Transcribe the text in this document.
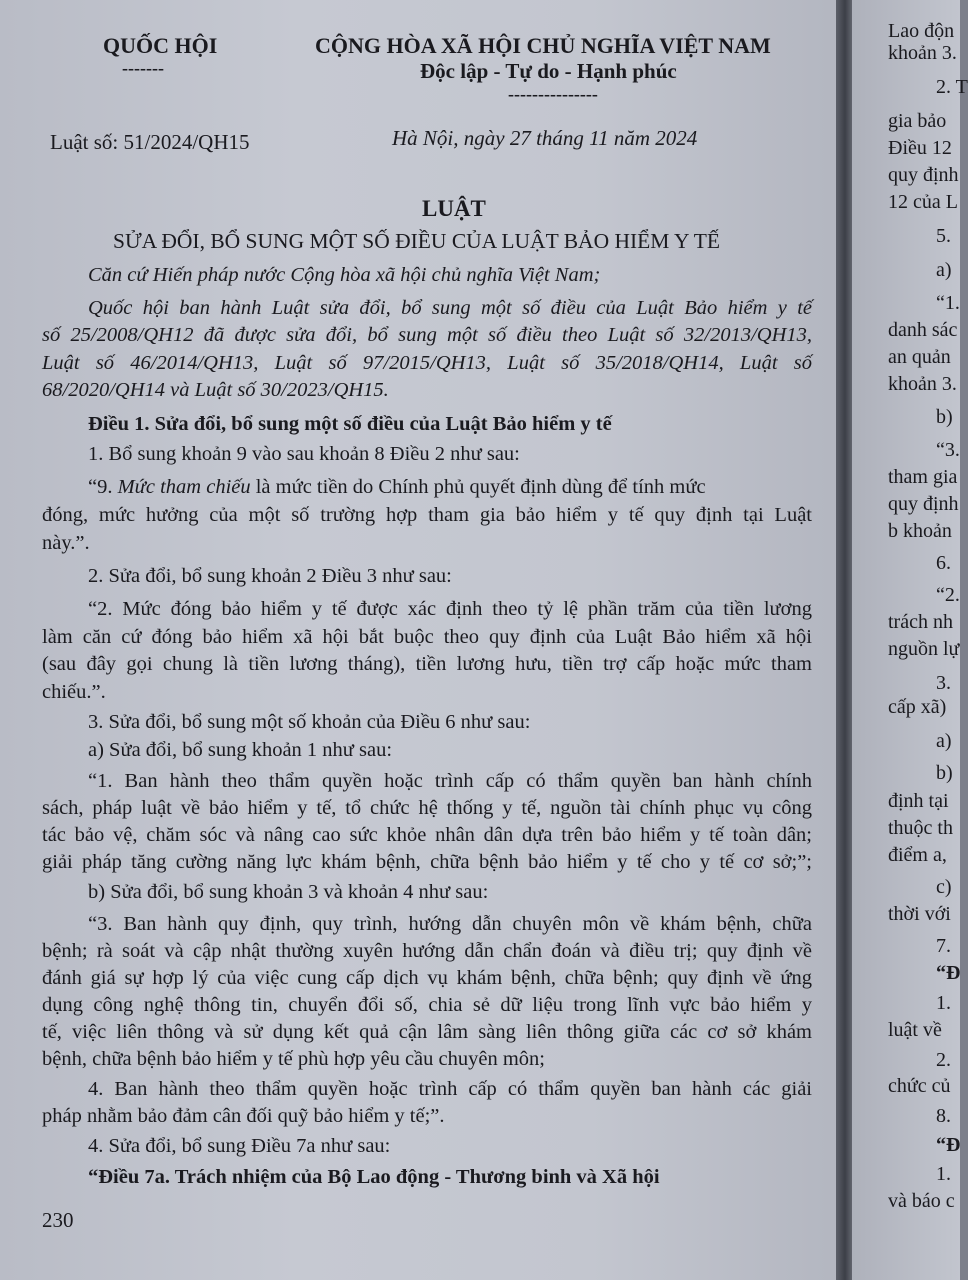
QUỐC HỘI
-------
CỘNG HÒA XÃ HỘI CHỦ NGHĨA VIỆT NAM
Độc lập - Tự do - Hạnh phúc
---------------
Luật số: 51/2024/QH15	Hà Nội, ngày 27 tháng 11 năm 2024
LUẬT
SỬA ĐỔI, BỔ SUNG MỘT SỐ ĐIỀU CỦA LUẬT BẢO HIỂM Y TẾ
Căn cứ Hiến pháp nước Cộng hòa xã hội chủ nghĩa Việt Nam;
Quốc hội ban hành Luật sửa đổi, bổ sung một số điều của Luật Bảo hiểm y tế
số 25/2008/QH12 đã được sửa đổi, bổ sung một số điều theo Luật số 32/2013/QH13,
Luật số 46/2014/QH13, Luật số 97/2015/QH13, Luật số 35/2018/QH14, Luật số
68/2020/QH14 và Luật số 30/2023/QH15.
Điều 1. Sửa đổi, bổ sung một số điều của Luật Bảo hiểm y tế
1. Bổ sung khoản 9 vào sau khoản 8 Điều 2 như sau:
“9. Mức tham chiếu là mức tiền do Chính phủ quyết định dùng để tính mức
đóng, mức hưởng của một số trường hợp tham gia bảo hiểm y tế quy định tại Luật
này.”.
2. Sửa đổi, bổ sung khoản 2 Điều 3 như sau:
“2. Mức đóng bảo hiểm y tế được xác định theo tỷ lệ phần trăm của tiền lương
làm căn cứ đóng bảo hiểm xã hội bắt buộc theo quy định của Luật Bảo hiểm xã hội
(sau đây gọi chung là tiền lương tháng), tiền lương hưu, tiền trợ cấp hoặc mức tham
chiếu.”.
3. Sửa đổi, bổ sung một số khoản của Điều 6 như sau:
a) Sửa đổi, bổ sung khoản 1 như sau:
“1. Ban hành theo thẩm quyền hoặc trình cấp có thẩm quyền ban hành chính
sách, pháp luật về bảo hiểm y tế, tổ chức hệ thống y tế, nguồn tài chính phục vụ công
tác bảo vệ, chăm sóc và nâng cao sức khỏe nhân dân dựa trên bảo hiểm y tế toàn dân;
giải pháp tăng cường năng lực khám bệnh, chữa bệnh bảo hiểm y tế cho y tế cơ sở;”;
b) Sửa đổi, bổ sung khoản 3 và khoản 4 như sau:
“3. Ban hành quy định, quy trình, hướng dẫn chuyên môn về khám bệnh, chữa
bệnh; rà soát và cập nhật thường xuyên hướng dẫn chẩn đoán và điều trị; quy định về
đánh giá sự hợp lý của việc cung cấp dịch vụ khám bệnh, chữa bệnh; quy định về ứng
dụng công nghệ thông tin, chuyển đổi số, chia sẻ dữ liệu trong lĩnh vực bảo hiểm y
tế, việc liên thông và sử dụng kết quả cận lâm sàng liên thông giữa các cơ sở khám
bệnh, chữa bệnh bảo hiểm y tế phù hợp yêu cầu chuyên môn;
4. Ban hành theo thẩm quyền hoặc trình cấp có thẩm quyền ban hành các giải
pháp nhằm bảo đảm cân đối quỹ bảo hiểm y tế;”.
4. Sửa đổi, bổ sung Điều 7a như sau:
“Điều 7a. Trách nhiệm của Bộ Lao động - Thương binh và Xã hội
230
Lao độn
khoản 3.
2. T
gia bảo
Điều 12
quy định
12 của L
5.
a)
“1.
danh sác
an quản
khoản 3.
b)
“3.
tham gia
quy định
b khoản
6.
“2.
trách nh
nguồn lự
3.
cấp xã)
a)
b)
định tại
thuộc th
điểm a,
c)
thời với
7.
“Đ
1.
luật về
2.
chức củ
8.
“Đ
1.
và báo c
